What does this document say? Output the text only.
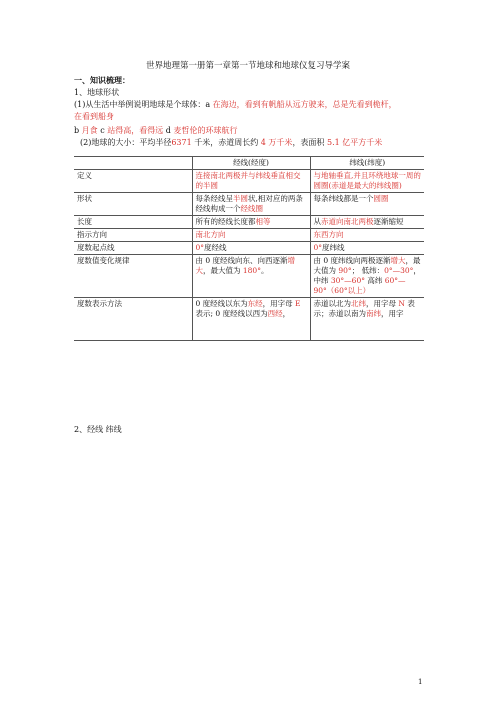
世界地理第一册第一章第一节地球和地球仪复习导学案
一、知识梳理：
1、地球形状
(1)从生活中举例说明地球是个球体：a 在海边，看到有帆船从远方驶来，总是先看到桅杆，
在看到船身
b 月食 c 站得高，看得远 d 麦哲伦的环球航行
(2)地球的大小：平均半径6371 千米，赤道周长约 4 万千米，表面积 5.1 亿平方千米
	经线(经度)	纬线(纬度)
定义	连接南北两极并与纬线垂直相交的半圆	与地轴垂直,并且环绕地球一周的圆圈(赤道是最大的纬线圈)
形状	每条经线呈半圆状,相对应的两条经线构成一个经线圈	每条纬线都是一个圆圈
长度	所有的经线长度都相等	从赤道向南北两极逐渐缩短
指示方向	南北方向	东西方向
度数起点线	0°度经线	0°度纬线
度数值变化规律	由 0 度经线向东、向西逐渐增大，最大值为 180°。	由 0 度纬线向两极逐渐增大，最大值为 90°； 低纬：0°—30°，中纬 30°—60° 高纬 60°—90°（60°以上）
度数表示方法	0 度经线以东为东经，用字母 E 表示; 0 度经线以西为西经，	赤道以北为北纬，用字母 N 表示；赤道以南为南纬，用字
2、经线 纬线
1
